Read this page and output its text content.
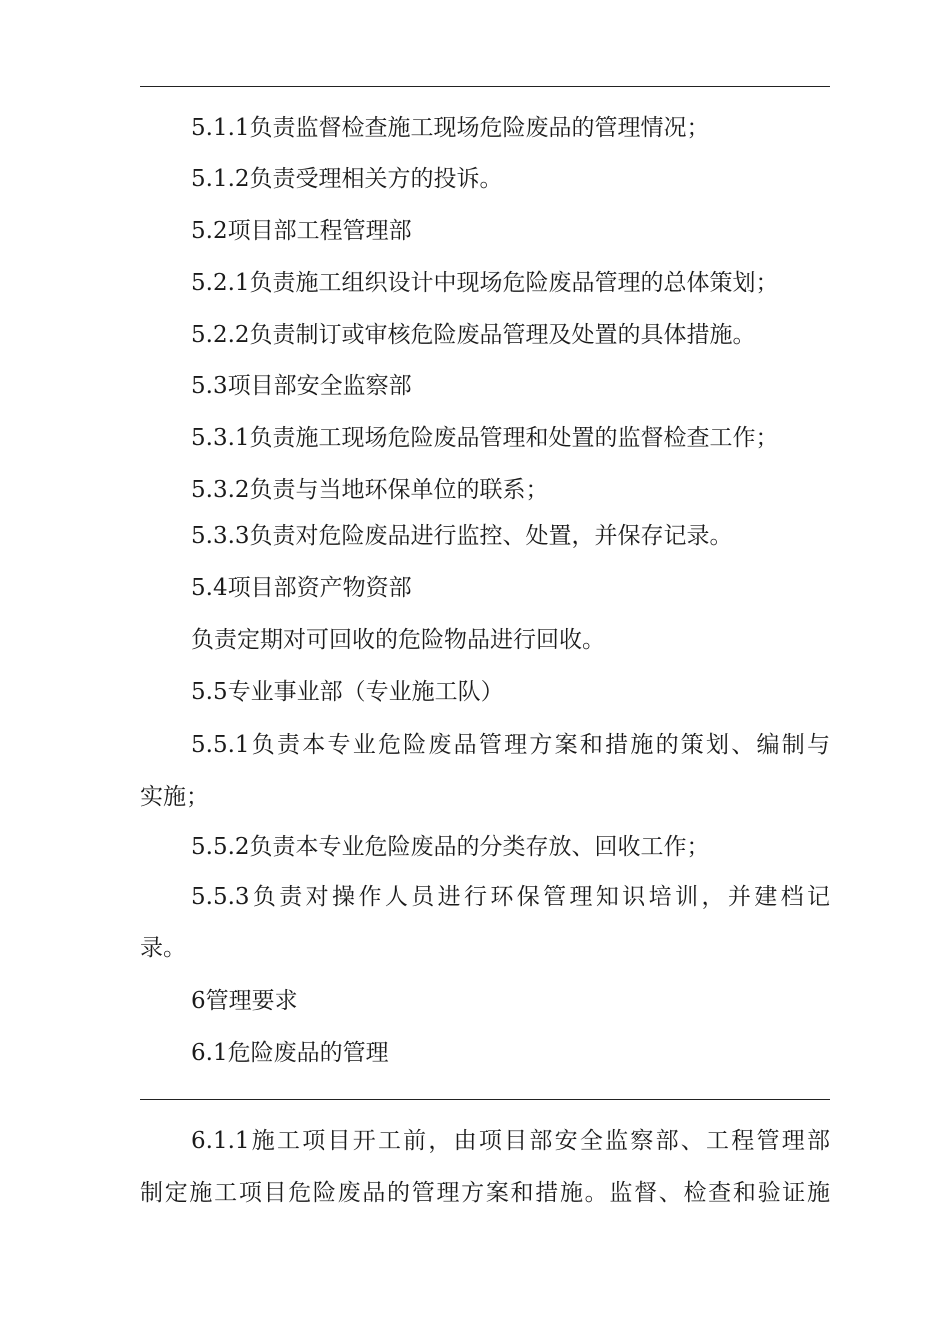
5.1.1负责监督检查施工现场危险废品的管理情况；
5.1.2负责受理相关方的投诉。
5.2项目部工程管理部
5.2.1负责施工组织设计中现场危险废品管理的总体策划；
5.2.2负责制订或审核危险废品管理及处置的具体措施。
5.3项目部安全监察部
5.3.1负责施工现场危险废品管理和处置的监督检查工作；
5.3.2负责与当地环保单位的联系；
5.3.3负责对危险废品进行监控、处置，并保存记录。
5.4项目部资产物资部
负责定期对可回收的危险物品进行回收。
5.5专业事业部（专业施工队）
5.5.1负责本专业危险废品管理方案和措施的策划、编制与
实施；
5.5.2负责本专业危险废品的分类存放、回收工作；
5.5.3负责对操作人员进行环保管理知识培训，并建档记
录。
6管理要求
6.1危险废品的管理
6.1.1施工项目开工前，由项目部安全监察部、工程管理部
制定施工项目危险废品的管理方案和措施。监督、检查和验证施
